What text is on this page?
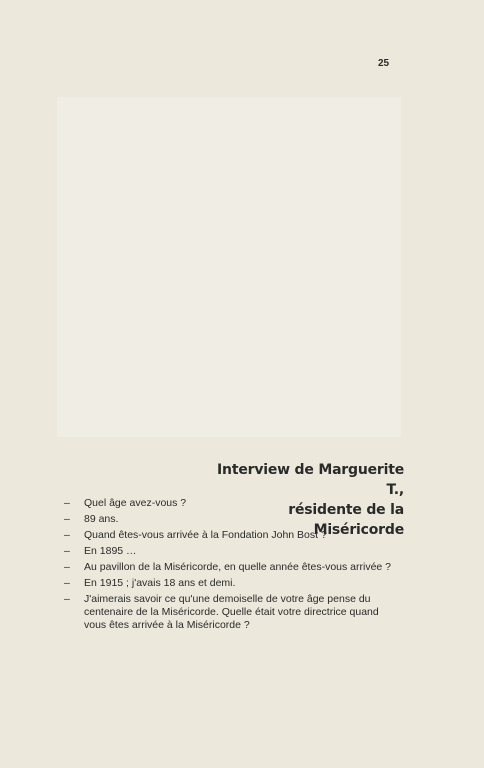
25
Interview de Marguerite T.,
résidente de la Miséricorde
–	Quel âge avez-vous ?
–	89 ans.
–	Quand êtes-vous arrivée à la Fondation John Bost ?
–	En 1895 …
–	Au pavillon de la Miséricorde, en quelle année êtes-vous arrivée ?
–	En 1915 ; j'avais 18 ans et demi.
–	J'aimerais savoir ce qu'une demoiselle de votre âge pense du centenaire de la Miséricorde. Quelle était votre directrice quand vous êtes arrivée à la Miséricorde ?
